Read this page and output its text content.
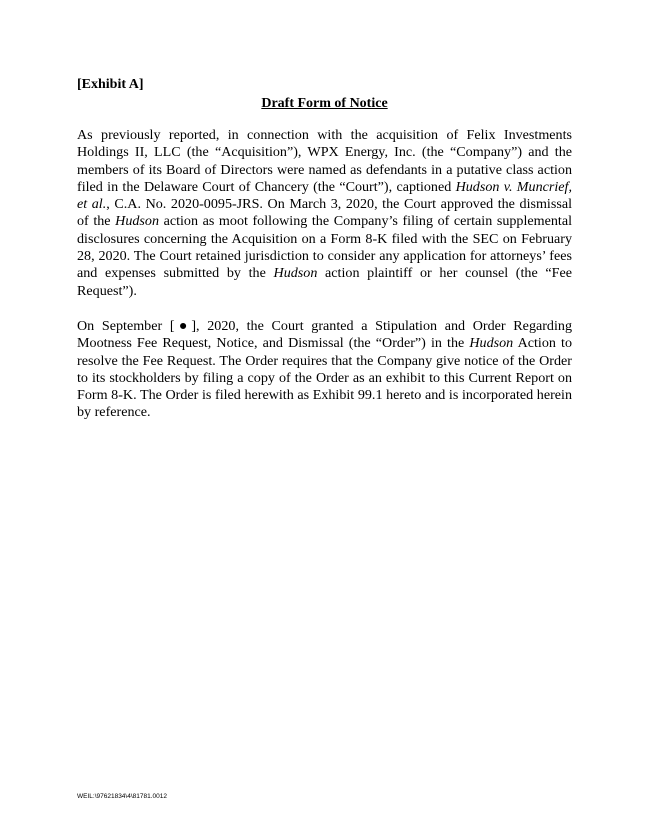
[Exhibit A]
Draft Form of Notice

As previously reported, in connection with the acquisition of Felix Investments Holdings II, LLC (the “Acquisition”), WPX Energy, Inc. (the “Company”) and the members of its Board of Directors were named as defendants in a putative class action filed in the Delaware Court of Chancery (the “Court”), captioned Hudson v. Muncrief, et al., C.A. No. 2020-0095-JRS. On March 3, 2020, the Court approved the dismissal of the Hudson action as moot following the Company’s filing of certain supplemental disclosures concerning the Acquisition on a Form 8-K filed with the SEC on February 28, 2020. The Court retained jurisdiction to consider any application for attorneys’ fees and expenses submitted by the Hudson action plaintiff or her counsel (the “Fee Request”).

On September [●], 2020, the Court granted a Stipulation and Order Regarding Mootness Fee Request, Notice, and Dismissal (the “Order”) in the Hudson Action to resolve the Fee Request. The Order requires that the Company give notice of the Order to its stockholders by filing a copy of the Order as an exhibit to this Current Report on Form 8-K. The Order is filed herewith as Exhibit 99.1 hereto and is incorporated herein by reference.

WEIL:\97621834\4\81781.0012
